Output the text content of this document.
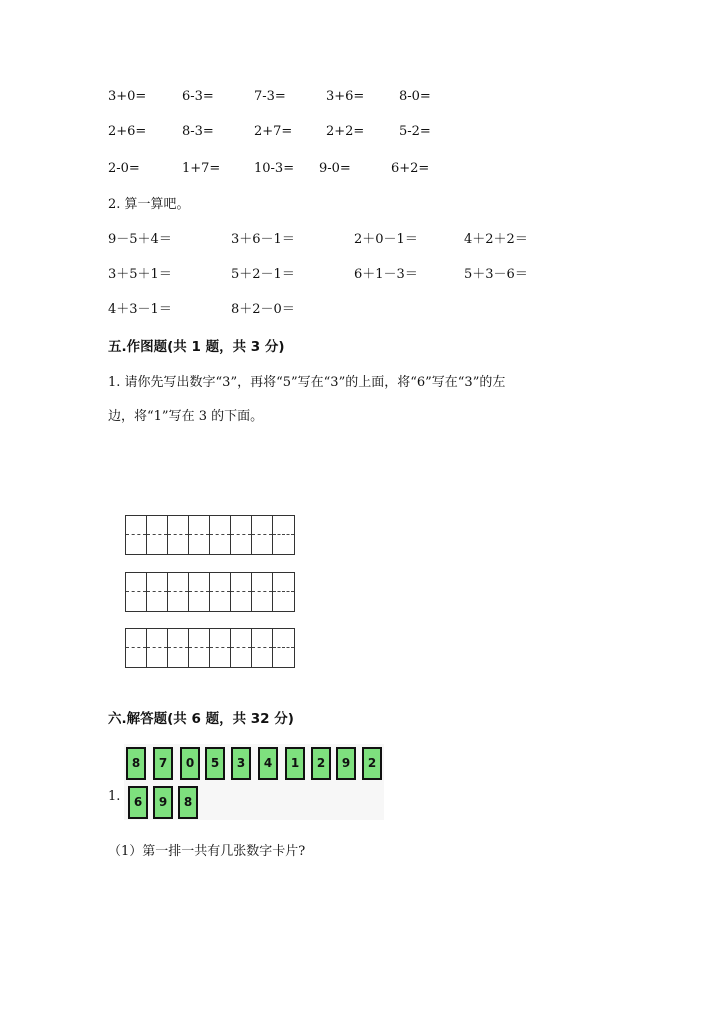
3+0=	6-3=	7-3=	3+6=	8-0=
2+6=	8-3=	2+7=	2+2=	5-2=
2-0=	1+7=	10-3= 9-0=	6+2=
2. 算一算吧。
9－5＋4＝	3＋6－1＝	2＋0－1＝	4＋2＋2＝
3＋5＋1＝	5＋2－1＝	6＋1－3＝	5＋3－6＝
4＋3－1＝	8＋2－0＝
五.作图题(共 1 题，共 3 分)
1. 请你先写出数字“3”，再将“5”写在“3”的上面，将“6”写在“3”的左
边，将“1”写在 3 的下面。
六.解答题(共 6 题，共 32 分)
1.
8	7	0	5	3	4	1	2	9	2
6	9	8
（1）第一排一共有几张数字卡片?
